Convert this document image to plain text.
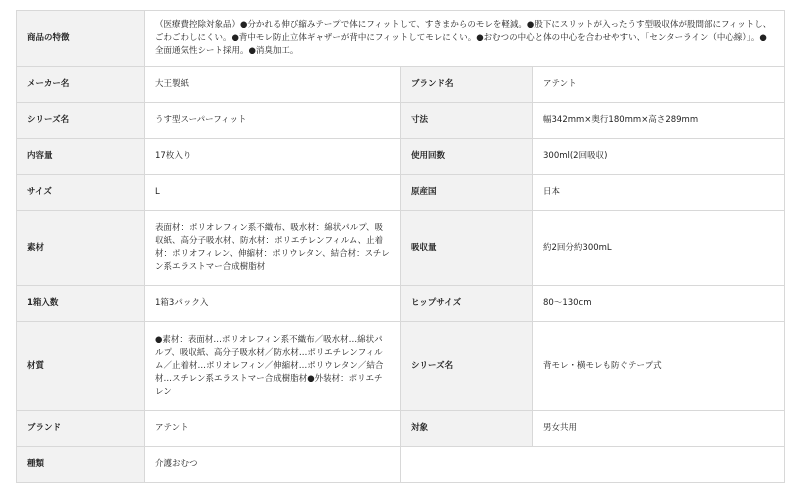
商品の特徴	（医療費控除対象品）●分かれる伸び縮みテープで体にフィットして、すきまからのモレを軽減。●股下にスリットが入ったうす型吸収体が股間部にフィットし、ごわごわしにくい。●背中モレ防止立体ギャザーが背中にフィットしてモレにくい。●おむつの中心と体の中心を合わせやすい、「センターライン（中心線）」。●全面通気性シート採用。●消臭加工。		
メーカー名	大王製紙	ブランド名	アテント
シリーズ名	うす型スーパーフィット	寸法	幅342mm×奥行180mm×高さ289mm
内容量	17枚入り	使用回数	300ml(2回吸収)
サイズ	L	原産国	日本
素材	表面材：ポリオレフィン系不織布、吸水材：綿状パルプ、吸収紙、高分子吸水材、防水材：ポリエチレンフィルム、止着材：ポリオフィレン、伸縮材：ポリウレタン、結合材：スチレン系エラストマー合成樹脂材	吸収量	約2回分約300mL
1箱入数	1箱3パック入	ヒップサイズ	80～130cm
材質	●素材：表面材…ポリオレフィン系不織布／吸水材…綿状パルプ、吸収紙、高分子吸水材／防水材…ポリエチレンフィルム／止着材…ポリオレフィン／伸縮材…ポリウレタン／結合材…スチレン系エラストマー合成樹脂材●外装材：ポリエチレン	シリーズ名	背モレ・横モレも防ぐテープ式
ブランド	アテント	対象	男女共用
種類	介護おむつ		
